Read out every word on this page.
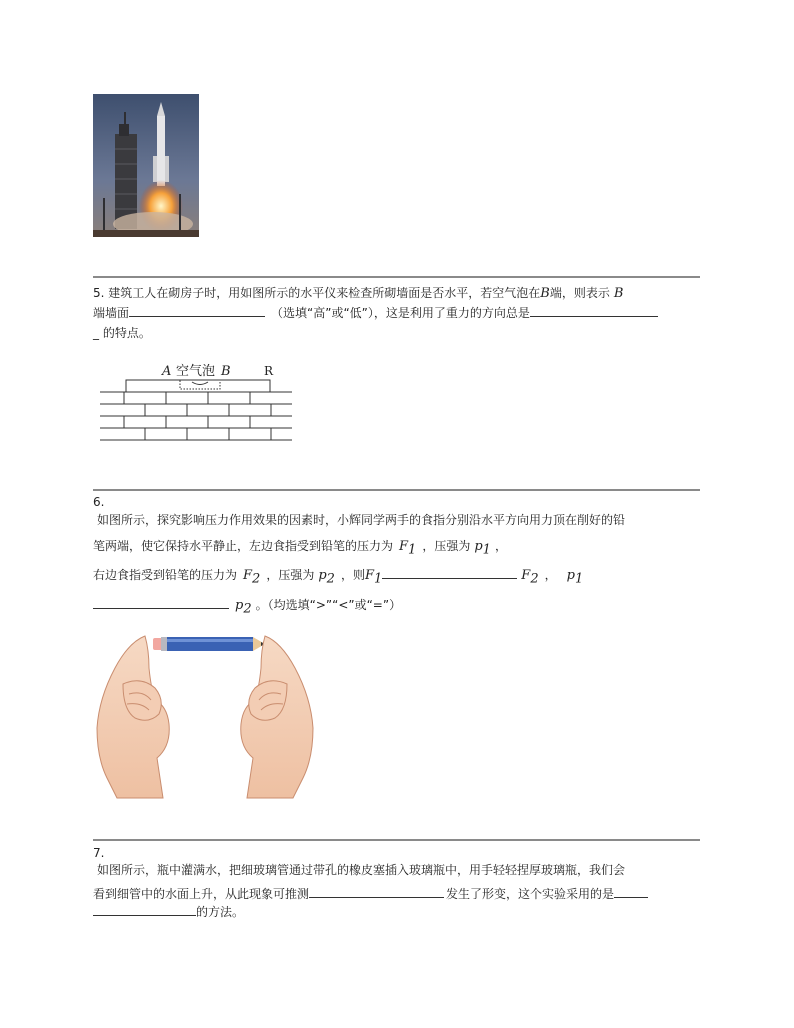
5. 建筑工人在砌房子时，用如图所示的水平仪来检查所砌墙面是否水平，若空气泡在B端，则表示 B
端墙面	（选填“高”或“低”），这是利用了重力的方向总是
_ 的特点。
A 空气泡 B	R
6.
如图所示，探究影响压力作用效果的因素时，小辉同学两手的食指分别沿水平方向用力顶在削好的铅
笔两端，使它保持水平静止，左边食指受到铅笔的压力为 $F_1$ ，压强为 $p_1$ ，
右边食指受到铅笔的压力为 $F_2$ ，压强为 $p_2$ ，则$F_1$	$F_2$ ， $p_1$
$p_2$ 。（均选填“>”“<”或“=”）
7.
如图所示，瓶中灌满水，把细玻璃管通过带孔的橡皮塞插入玻璃瓶中，用手轻轻捏厚玻璃瓶，我们会
看到细管中的水面上升，从此现象可推测	发生了形变，这个实验采用的是
的方法。
